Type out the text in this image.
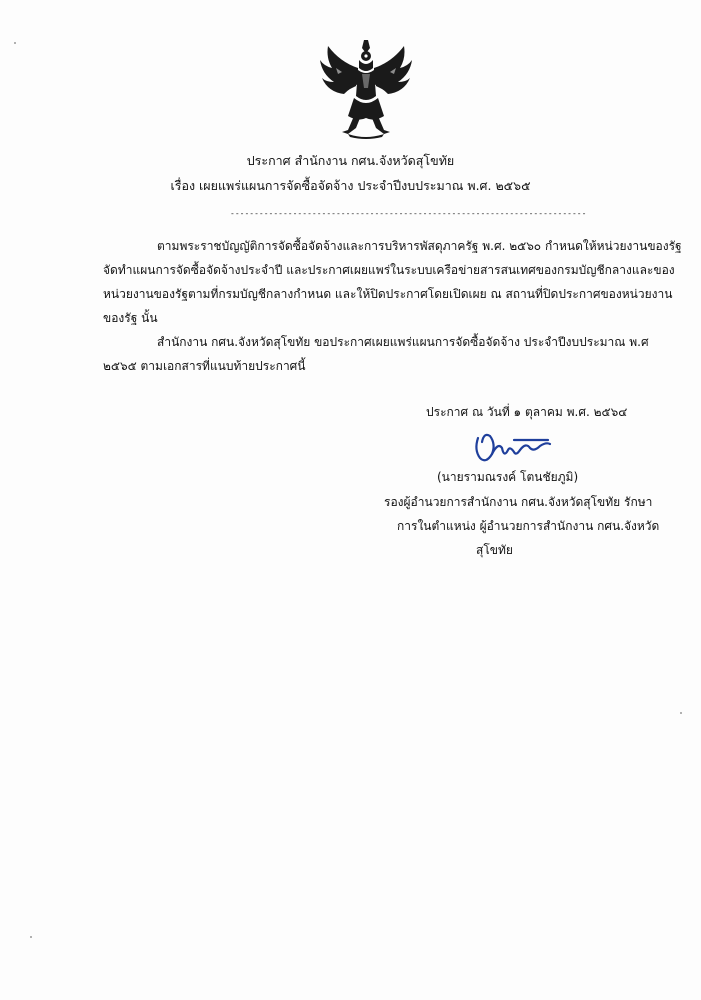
ประกาศ สำนักงาน กศน.จังหวัดสุโขทัย
เรื่อง เผยแพร่แผนการจัดซื้อจัดจ้าง ประจำปีงบประมาณ พ.ศ. ๒๕๖๕
--------------------------------------------------------------------------
ตามพระราชบัญญัติการจัดซื้อจัดจ้างและการบริหารพัสดุภาครัฐ พ.ศ. ๒๕๖๐ กำหนดให้หน่วยงานของรัฐ
จัดทำแผนการจัดซื้อจัดจ้างประจำปี และประกาศเผยแพร่ในระบบเครือข่ายสารสนเทศของกรมบัญชีกลางและของ
หน่วยงานของรัฐตามที่กรมบัญชีกลางกำหนด และให้ปิดประกาศโดยเปิดเผย ณ สถานที่ปิดประกาศของหน่วยงาน
ของรัฐ นั้น
สำนักงาน กศน.จังหวัดสุโขทัย ขอประกาศเผยแพร่แผนการจัดซื้อจัดจ้าง ประจำปีงบประมาณ พ.ศ
๒๕๖๕ ตามเอกสารที่แนบท้ายประกาศนี้
ประกาศ ณ วันที่ ๑ ตุลาคม พ.ศ. ๒๕๖๔
(นายรามณรงค์ โตนชัยภูมิ)
รองผู้อำนวยการสำนักงาน กศน.จังหวัดสุโขทัย รักษา
การในตำแหน่ง ผู้อำนวยการสำนักงาน กศน.จังหวัด
สุโขทัย
